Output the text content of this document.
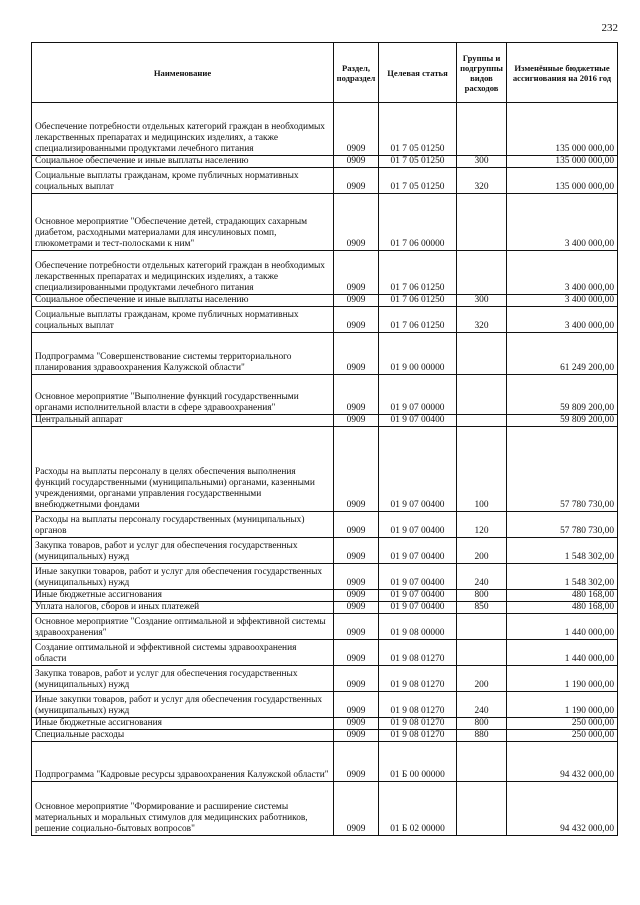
232
Наименование	Раздел, подраздел	Целевая статья	Группы и подгруппы видов расходов	Изменённые бюджетные ассигнования на 2016 год
Обеспечение потребности отдельных категорий граждан в необходимых лекарственных препаратах и медицинских изделиях, а также специализированными продуктами лечебного питания	0909	01 7 05 01250		135 000 000,00
Социальное обеспечение и иные выплаты населению	0909	01 7 05 01250	300	135 000 000,00
Социальные выплаты гражданам, кроме публичных нормативных социальных выплат	0909	01 7 05 01250	320	135 000 000,00
Основное мероприятие "Обеспечение детей, страдающих сахарным диабетом, расходными материалами для инсулиновых помп, глюкометрами и тест-полосками к ним"	0909	01 7 06 00000		3 400 000,00
Обеспечение потребности отдельных категорий граждан в необходимых лекарственных препаратах и медицинских изделиях, а также специализированными продуктами лечебного питания	0909	01 7 06 01250		3 400 000,00
Социальное обеспечение и иные выплаты населению	0909	01 7 06 01250	300	3 400 000,00
Социальные выплаты гражданам, кроме публичных нормативных социальных выплат	0909	01 7 06 01250	320	3 400 000,00
Подпрограмма "Совершенствование системы территориального планирования здравоохранения Калужской области"	0909	01 9 00 00000		61 249 200,00
Основное мероприятие "Выполнение функций государственными органами исполнительной власти в сфере здравоохранения"	0909	01 9 07 00000		59 809 200,00
Центральный аппарат	0909	01 9 07 00400		59 809 200,00
Расходы на выплаты персоналу в целях обеспечения выполнения функций государственными (муниципальными) органами, казенными учреждениями, органами управления государственными внебюджетными фондами	0909	01 9 07 00400	100	57 780 730,00
Расходы на выплаты персоналу государственных (муниципальных) органов	0909	01 9 07 00400	120	57 780 730,00
Закупка товаров, работ и услуг для обеспечения государственных (муниципальных) нужд	0909	01 9 07 00400	200	1 548 302,00
Иные закупки товаров, работ и услуг для обеспечения государственных (муниципальных) нужд	0909	01 9 07 00400	240	1 548 302,00
Иные бюджетные ассигнования	0909	01 9 07 00400	800	480 168,00
Уплата налогов, сборов и иных платежей	0909	01 9 07 00400	850	480 168,00
Основное мероприятие "Создание оптимальной и эффективной системы здравоохранения"	0909	01 9 08 00000		1 440 000,00
Создание оптимальной и эффективной системы здравоохранения области	0909	01 9 08 01270		1 440 000,00
Закупка товаров, работ и услуг для обеспечения государственных (муниципальных) нужд	0909	01 9 08 01270	200	1 190 000,00
Иные закупки товаров, работ и услуг для обеспечения государственных (муниципальных) нужд	0909	01 9 08 01270	240	1 190 000,00
Иные бюджетные ассигнования	0909	01 9 08 01270	800	250 000,00
Специальные расходы	0909	01 9 08 01270	880	250 000,00
Подпрограмма "Кадровые ресурсы здравоохранения Калужской области"	0909	01 Б 00 00000		94 432 000,00
Основное мероприятие "Формирование и расширение системы материальных и моральных стимулов для медицинских работников, решение социально-бытовых вопросов"	0909	01 Б 02 00000		94 432 000,00
